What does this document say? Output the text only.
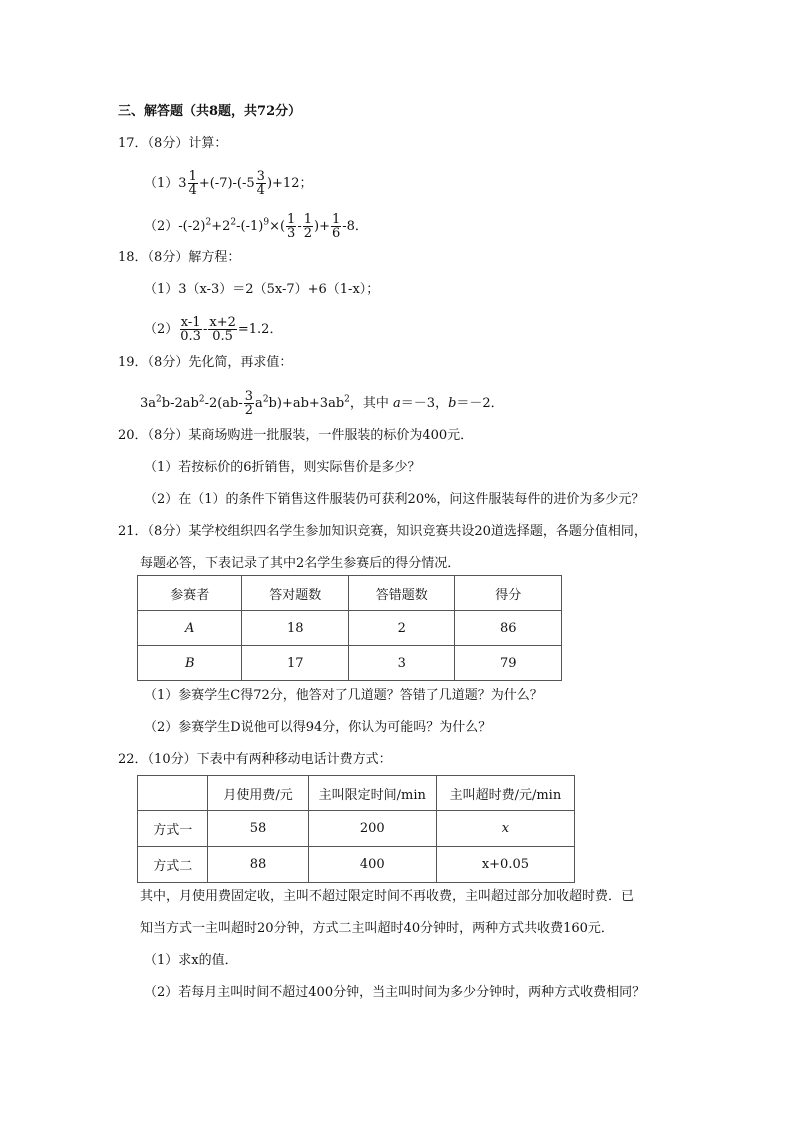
三、解答题（共8题，共72分）
17．（8分）计算：
$(1)3 \frac{1}{4} +(-7)-(-5 \frac{3}{4} )+12$；
$(2)-(-2)^2+2^2-(-1)^9\times( \frac{1}{3} - \frac{1}{2}$ )+ $\frac{1}{6} -8$．
18．（8分）解方程：
（1）3（x-3）＝2（5x-7）+6（1-x）；
$(2) \frac{x-1}{0.3} - \frac{x+2}{0.5} =1.2$．
19．（8分）先化简，再求值：
$3a^2b-2ab^2-2(ab- \frac{3}{2} a^2b)+ab+3ab^2$，其中 a＝－3，b＝－2．
20．（8分）某商场购进一批服装，一件服装的标价为400元．
（1）若按标价的6折销售，则实际售价是多少？
（2）在（1）的条件下销售这件服装仍可获利20%，问这件服装每件的进价为多少元？
21．（8分）某学校组织四名学生参加知识竞赛，知识竞赛共设20道选择题，各题分值相同，
每题必答，下表记录了其中2名学生参赛后的得分情况．
参赛者	答对题数	答错题数	得分
A	18	2	86
B	17	3	79
（1）参赛学生C得72分，他答对了几道题？答错了几道题？为什么？
（2）参赛学生D说他可以得94分，你认为可能吗？为什么？
22．（10分）下表中有两种移动电话计费方式：
	月使用费/元	主叫限定时间/min	主叫超时费/元/min
方式一	58	200	x
方式二	88	400	x+0.05
其中，月使用费固定收，主叫不超过限定时间不再收费，主叫超过部分加收超时费．已
知当方式一主叫超时20分钟，方式二主叫超时40分钟时，两种方式共收费160元．
（1）求x的值．
（2）若每月主叫时间不超过400分钟，当主叫时间为多少分钟时，两种方式收费相同？
